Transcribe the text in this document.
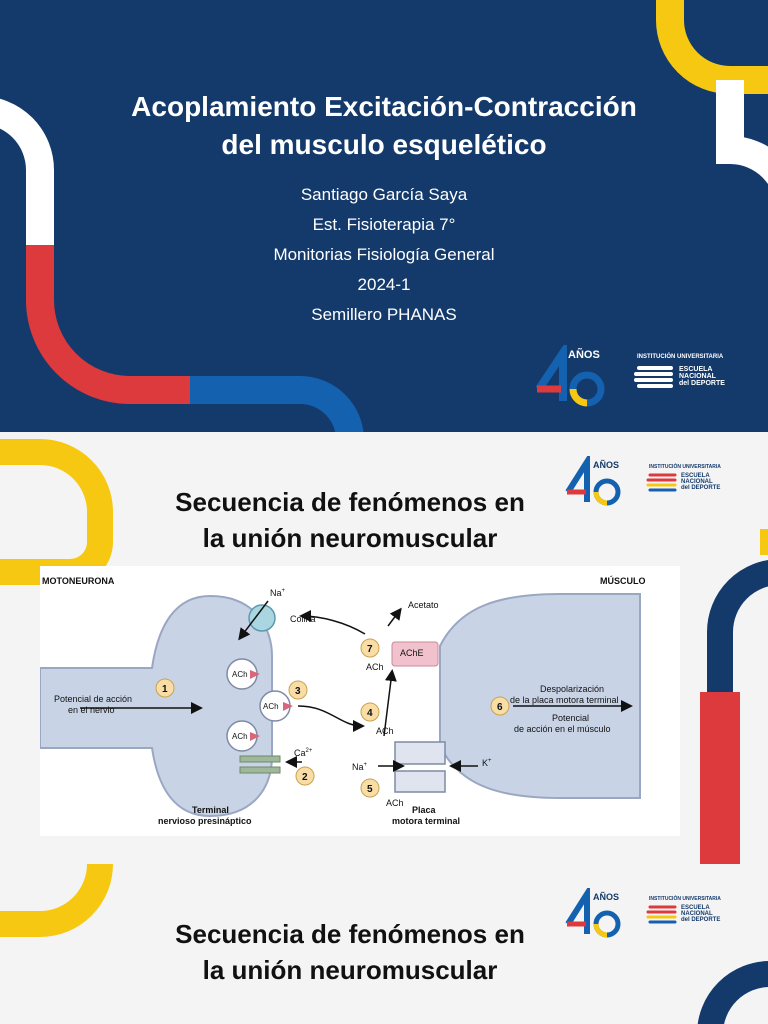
Acoplamiento Excitación-Contracción
del musculo esquelético
Santiago García Saya
Est. Fisioterapia 7°
Monitorias Fisiología General
2024-1
Semillero PHANAS
AÑOS	INSTITUCIÓN UNIVERSITARIA
ESCUELA
NACIONAL
del DEPORTE
Secuencia de fenómenos en
la unión neuromuscular
AÑOS	INSTITUCIÓN UNIVERSITARIA
ESCUELA
NACIONAL
del DEPORTE
MOTONEURONA	MÚSCULO
Na+
Colina
Acetato
AChE
ACh
ACh
ACh
ACh
ACh
ACh
Potencial de acción
en el nervio
$Ca^{2+}$
Na+	K+
Despolarización
de la placa motora terminal
Potencial
de acción en el músculo
Terminal
nervioso presináptico
Placa
motora terminal
1
2
3
4
5
6
7
Secuencia de fenómenos en
la unión neuromuscular
AÑOS	INSTITUCIÓN UNIVERSITARIA
ESCUELA
NACIONAL
del DEPORTE
